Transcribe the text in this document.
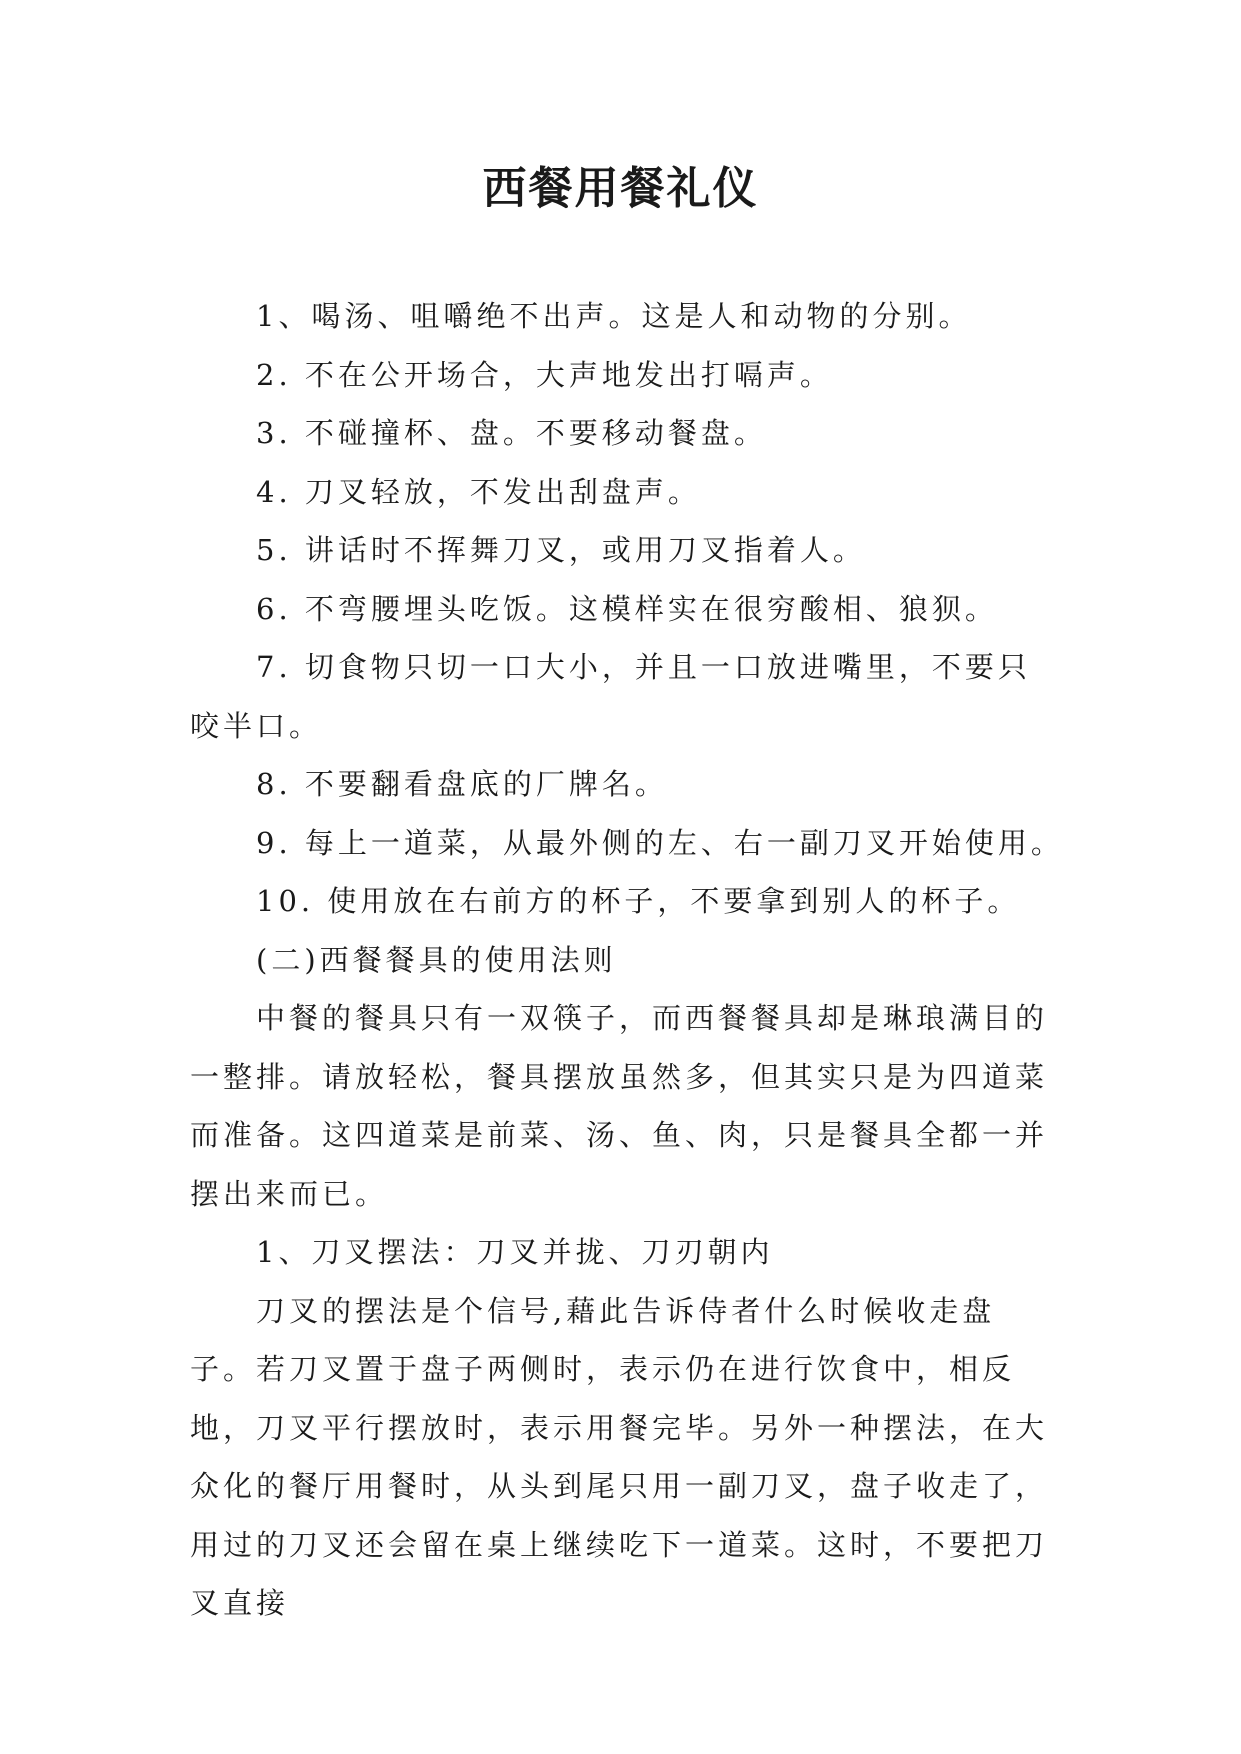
西餐用餐礼仪

1、喝汤、咀嚼绝不出声。这是人和动物的分别。

2. 不在公开场合，大声地发出打嗝声。

3. 不碰撞杯、盘。不要移动餐盘。

4. 刀叉轻放，不发出刮盘声。

5. 讲话时不挥舞刀叉，或用刀叉指着人。

6. 不弯腰埋头吃饭。这模样实在很穷酸相、狼狈。

7. 切食物只切一口大小，并且一口放进嘴里，不要只咬半口。

8. 不要翻看盘底的厂牌名。

9. 每上一道菜，从最外侧的左、右一副刀叉开始使用。

10. 使用放在右前方的杯子，不要拿到别人的杯子。

(二)西餐餐具的使用法则

中餐的餐具只有一双筷子，而西餐餐具却是琳琅满目的一整排。请放轻松，餐具摆放虽然多，但其实只是为四道菜而准备。这四道菜是前菜、汤、鱼、肉，只是餐具全都一并摆出来而已。

1、刀叉摆法：刀叉并拢、刀刃朝内

刀叉的摆法是个信号,藉此告诉侍者什么时候收走盘子。若刀叉置于盘子两侧时，表示仍在进行饮食中，相反地，刀叉平行摆放时，表示用餐完毕。另外一种摆法，在大众化的餐厅用餐时，从头到尾只用一副刀叉，盘子收走了，用过的刀叉还会留在桌上继续吃下一道菜。这时，不要把刀叉直接
